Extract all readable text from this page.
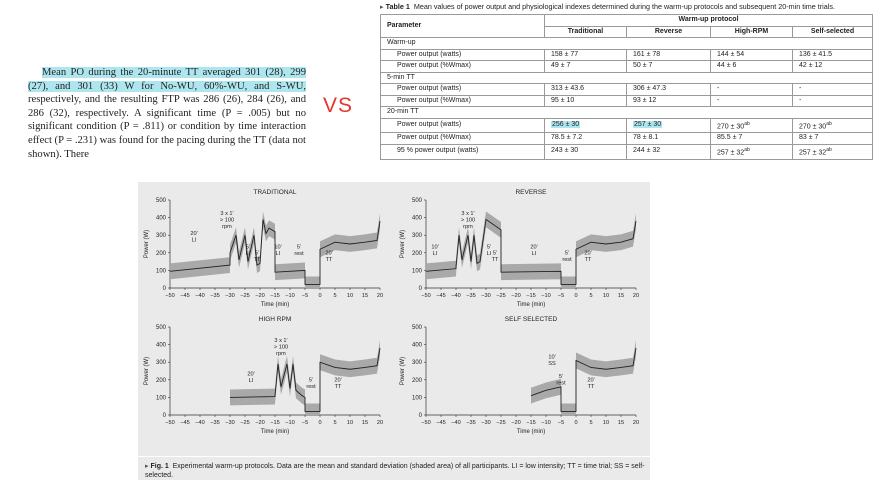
Mean PO during the 20-minute TT averaged 301 (28), 299 (27), and 301 (33) W for No-WU, 60%-WU, and S-WU, respectively, and the resulting FTP was 286 (26), 284 (26), and 286 (32), respectively. A significant time (P = .005) but no significant condition (P = .811) or condition by time interaction effect (P = .231) was found for the pacing during the TT (data not shown). There

VS
▸ Table 1 Mean values of power output and physiological indexes determined during the warm-up protocols and subsequent 20-min time trials.
Parameter	Warm-up protocol			
	Traditional	Reverse	High-RPM	Self-selected
Warm-up				
Power output (watts)	158 ± 77	161 ± 78	144 ± 54	136 ± 41.5
Power output (%Wmax)	49 ± 7	50 ± 7	44 ± 6	42 ± 12
5-min TT				
Power output (watts)	313 ± 43.6	306 ± 47.3	-	-
Power output (%Wmax)	95 ± 10	93 ± 12	-	-
20-min TT				
Power output (watts)	256 ± 30	257 ± 30	$270 \pm 30^{ab}$	$270 \pm 30^{ab}$
Power output (%Wmax)	78.5 ± 7.2	78 ± 8.1	85.5 ± 7	83 ± 7
95 % power output (watts)	243 ± 30	244 ± 32	$257 \pm 32^{ab}$	$257 \pm 32^{ab}$
TRADITIONAL
0
100
200
300
400
500
−50 −45 −40 −35 −30 −25 −20 −15 −10 −5 0 5 10 15 20
Power (W)
Time (min)
20′ LI
3 x 1′ > 100 rpm
5′ LI 5′ TT
10′ LI
5′ rest	20′ TT
REVERSE
0
100
200
300
400
500
−50 −45 −40 −35 −30 −25 −20 −15 −10 −5 0 5 10 15 20
Power (W)
Time (min)
10′ LI
3 x 1′ > 100 rpm
5′ LI 5′ TT
20′ LI	5′ rest
20′ TT
HIGH RPM
0
100
200
300
400
500
−50 −45 −40 −35 −30 −25 −20 −15 −10 −5 0 5 10 15 20
Power (W)
Time (min)
20′ LI
3 x 1′ > 100 rpm
5′ rest
20′ TT
SELF SELECTED
0
100
200
300
400
500
−50 −45 −40 −35 −30 −25 −20 −15 −10 −5 0 5 10 15 20
Power (W)
Time (min)
10′ SS
5′ rest	20′ TT
▸ Fig. 1 Experimental warm-up protocols. Data are the mean and standard deviation (shaded area) of all participants. LI = low intensity; TT = time trial; SS = self-selected.
